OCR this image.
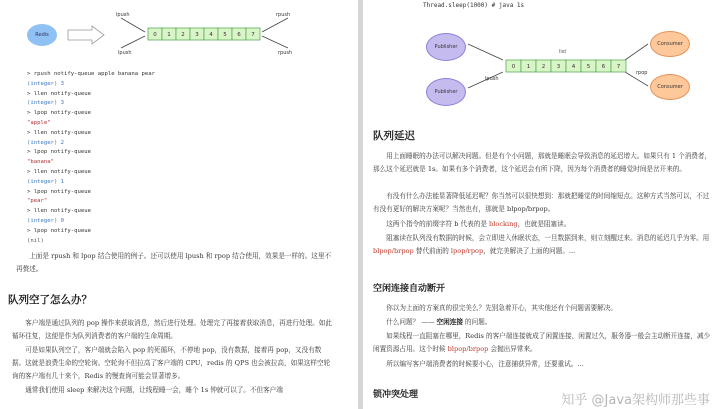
Redis
lpush
lpush
rpush
rpush
0 1 2 3 4 5 6 7
> rpush notify-queue apple banana pear
(integer) 3
> llen notify-queue
(integer) 3
> lpop notify-queue
"apple"
> llen notify-queue
(integer) 2
> lpop notify-queue
"banana"
> llen notify-queue
(integer) 1
> lpop notify-queue
"pear"
> llen notify-queue
(integer) 0
> lpop notify-queue
(nil)
上面是 rpush 和 lpop 结合使用的例子。还可以使用 lpush 和 rpop 结合使用，效果是一样的。这里不再赘述。
队列空了怎么办？
客户端是通过队列的 pop 操作来获取消息，然后进行处理。处理完了再接着获取消息，再进行处理。如此循环往复，这便是作为队列消费者的客户端的生命周期。
可是如果队列空了，客户端就会陷入 pop 的死循环，不停地 pop，没有数据，接着再 pop，又没有数据。这就是浪费生命的空轮询。空轮询不但拉高了客户端的 CPU，redis 的 QPS 也会被拉高，如果这样空轮询的客户端有几十来个，Redis 的慢查询可能会显著增多。
通常我们使用 sleep 来解决这个问题，让线程睡一会，睡个 1s 钟就可以了。不但客户端
Thread.sleep(1000) # java 1s
list
lpush
rpop
0 1 2 3 4 5 6 7
Publisher
Publisher
Consumer
Consumer
队列延迟
用上面睡眠的办法可以解决问题。但是有个小问题，那就是睡眠会导致消息的延迟增大。如果只有 1 个消费者，那么这个延迟就是 1s。如果有多个消费者，这个延迟会有所下降，因为每个消费者的睡觉时间是岔开来的。
有没有什么办法能显著降低延迟呢？你当然可以很快想到：那就把睡觉的时间缩短点。这种方式当然可以，不过有没有更好的解决方案呢？当然也有，那就是 blpop/brpop。
这两个指令的前缀字符 b 代表的是 blocking，也就是阻塞读。
阻塞读在队列没有数据的时候，会立即进入休眠状态，一旦数据到来，则立刻醒过来。消息的延迟几乎为零。用 blpop/brpop 替代前面的 lpop/rpop，就完美解决了上面的问题。...
空闲连接自动断开
你以为上面的方案真的很完美么？先别急着开心，其实他还有个问题需要解决。
什么问题？ —— 空闲连接 的问题。
如果线程一直阻塞在哪里，Redis 的客户端连接就成了闲置连接，闲置过久，服务器一般会主动断开连接，减少闲置资源占用。这个时候 blpop/brpop 会抛出异常来。
所以编写客户端消费者的时候要小心，注意捕获异常，还要重试。...
锁冲突处理	知乎 @Java架构师那些事
